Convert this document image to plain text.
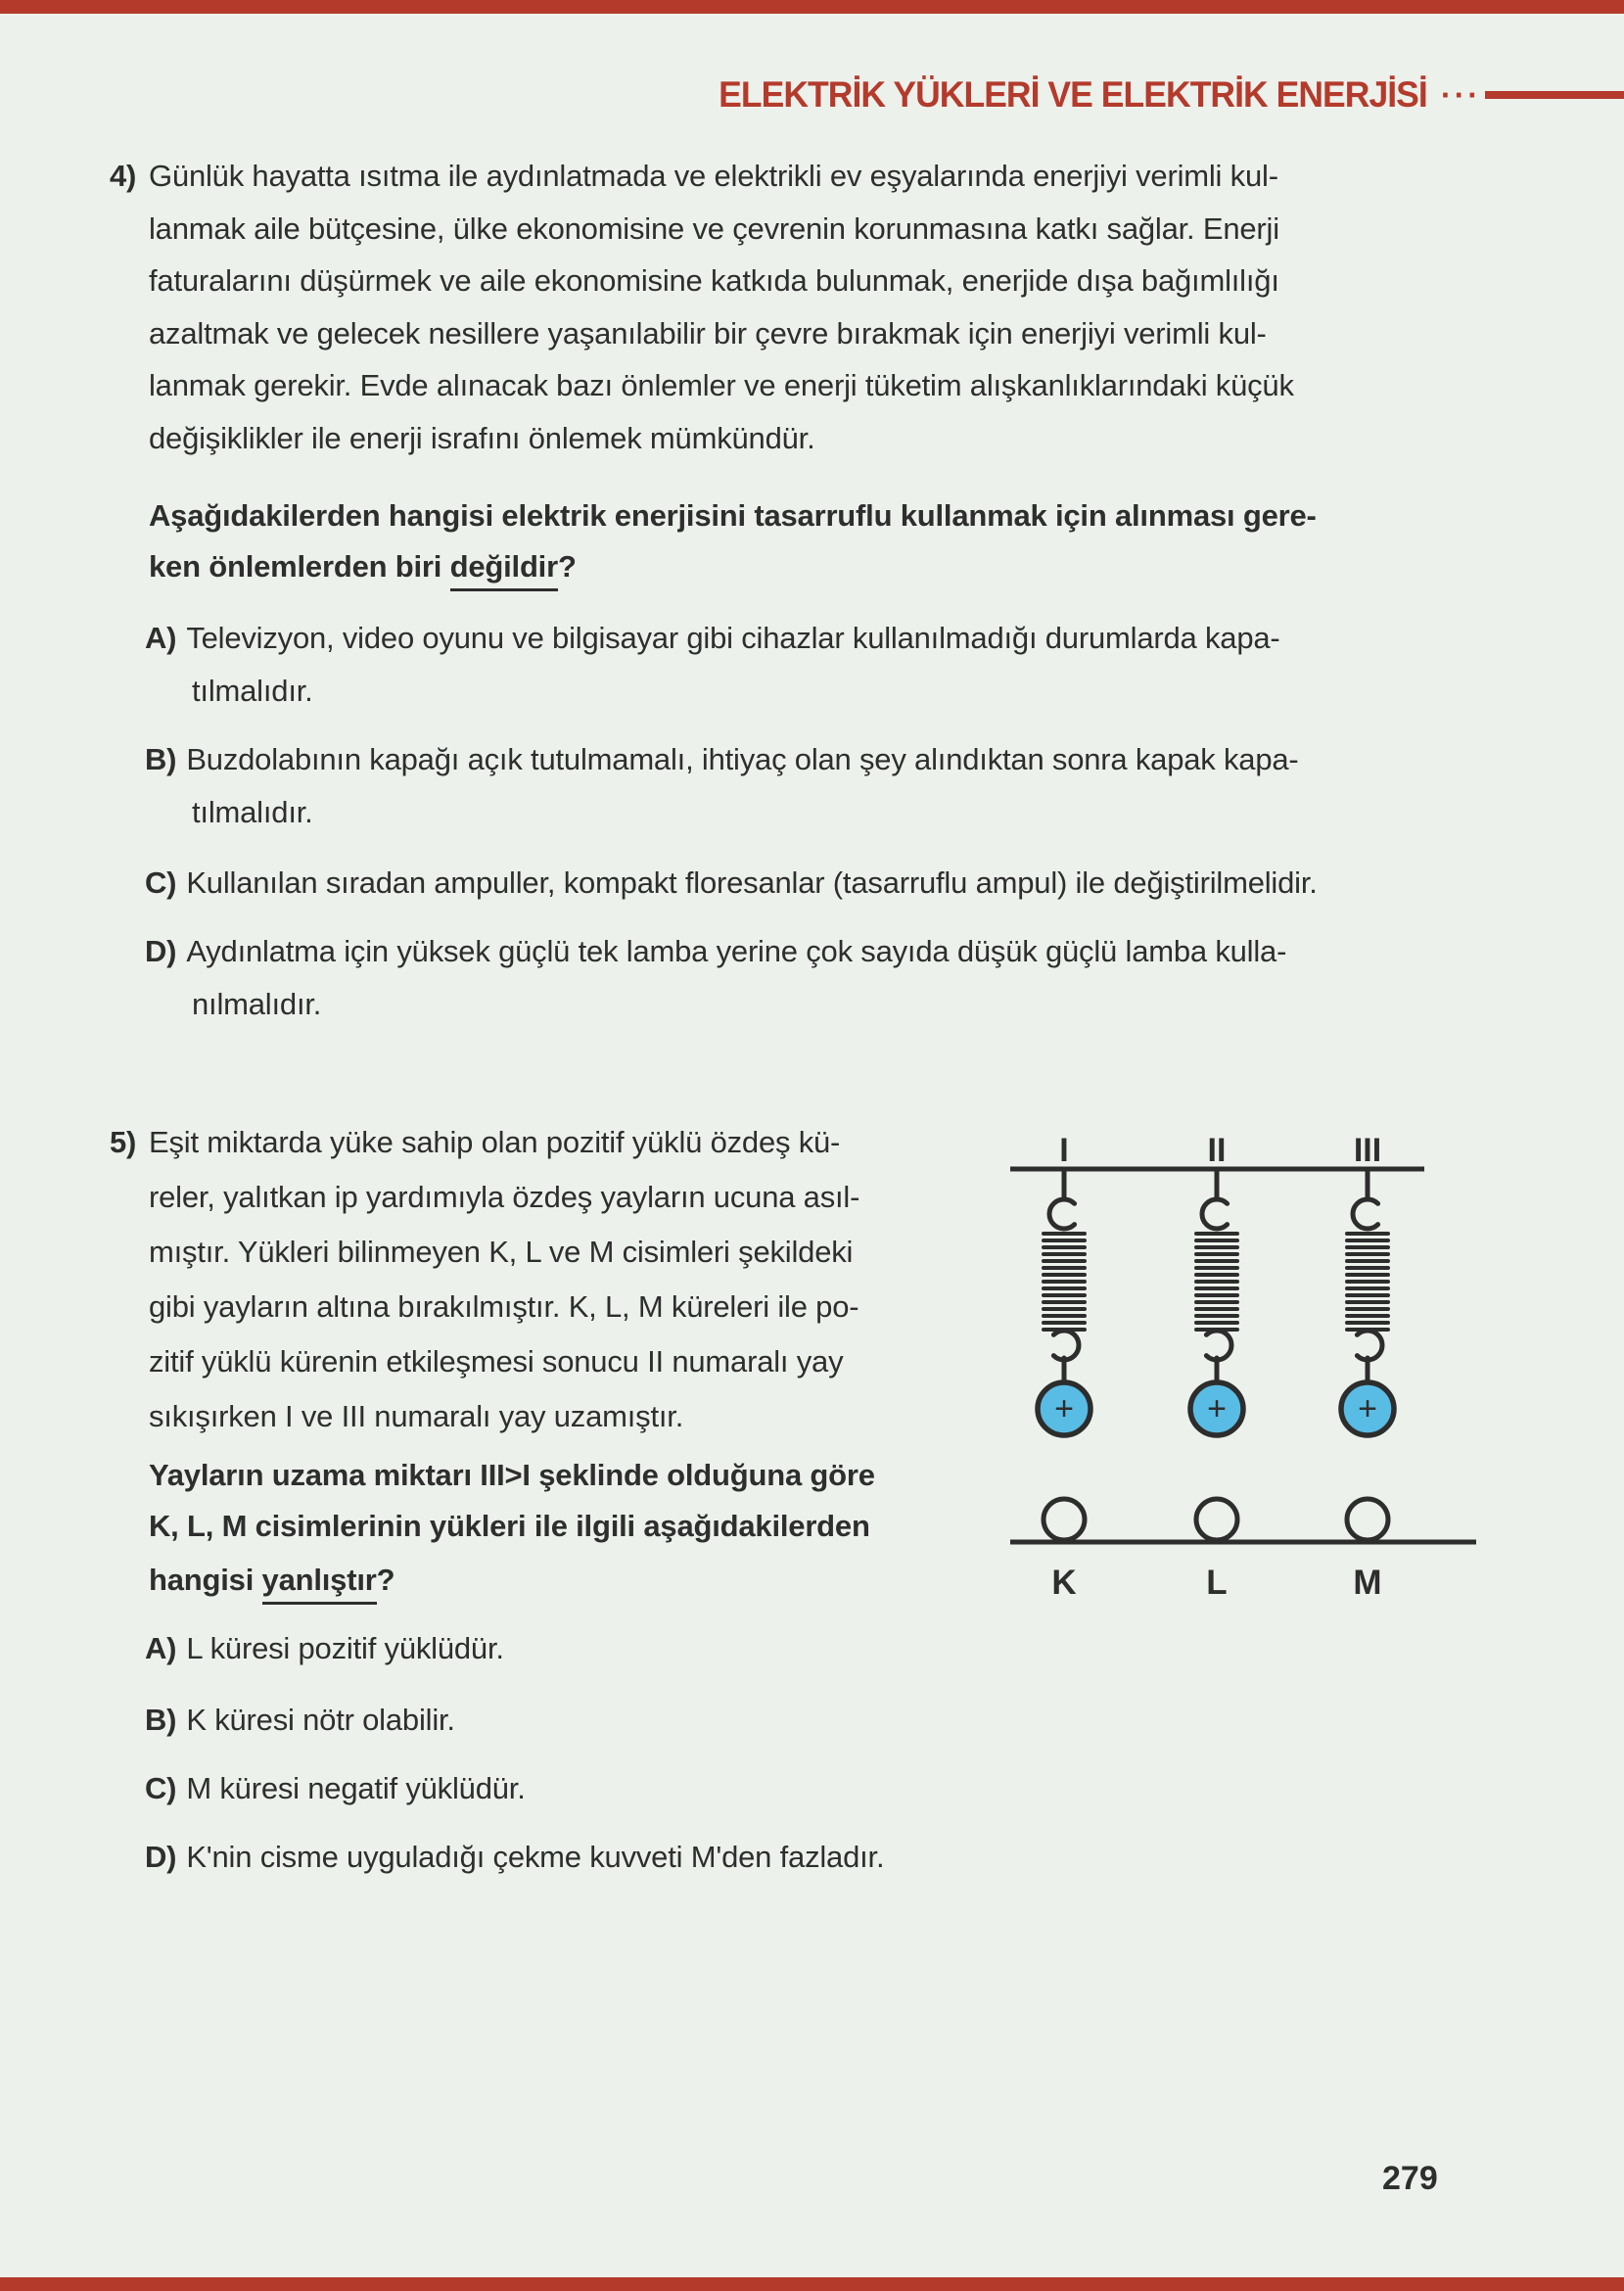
ELEKTRİK YÜKLERİ VE ELEKTRİK ENERJİSİ ···
4) Günlük hayatta ısıtma ile aydınlatmada ve elektrikli ev eşyalarında enerjiyi verimli kul-
lanmak aile bütçesine, ülke ekonomisine ve çevrenin korunmasına katkı sağlar. Enerji
faturalarını düşürmek ve aile ekonomisine katkıda bulunmak, enerjide dışa bağımlılığı
azaltmak ve gelecek nesillere yaşanılabilir bir çevre bırakmak için enerjiyi verimli kul-
lanmak gerekir. Evde alınacak bazı önlemler ve enerji tüketim alışkanlıklarındaki küçük
değişiklikler ile enerji israfını önlemek mümkündür.
Aşağıdakilerden hangisi elektrik enerjisini tasarruflu kullanmak için alınması gere-
ken önlemlerden biri değildir?
A) Televizyon, video oyunu ve bilgisayar gibi cihazlar kullanılmadığı durumlarda kapa-
tılmalıdır.
B) Buzdolabının kapağı açık tutulmamalı, ihtiyaç olan şey alındıktan sonra kapak kapa-
tılmalıdır.
C) Kullanılan sıradan ampuller, kompakt floresanlar (tasarruflu ampul) ile değiştirilmelidir.
D) Aydınlatma için yüksek güçlü tek lamba yerine çok sayıda düşük güçlü lamba kulla-
nılmalıdır.
5) Eşit miktarda yüke sahip olan pozitif yüklü özdeş kü-
reler, yalıtkan ip yardımıyla özdeş yayların ucuna asıl-
mıştır. Yükleri bilinmeyen K, L ve M cisimleri şekildeki
gibi yayların altına bırakılmıştır. K, L, M küreleri ile po-
zitif yüklü kürenin etkileşmesi sonucu II numaralı yay
sıkışırken I ve III numaralı yay uzamıştır.
Yayların uzama miktarı III>I şeklinde olduğuna göre
K, L, M cisimlerinin yükleri ile ilgili aşağıdakilerden
hangisi yanlıştır?
A) L küresi pozitif yüklüdür.
B) K küresi nötr olabilir.
C) M küresi negatif yüklüdür.
D) K'nin cisme uyguladığı çekme kuvveti M'den fazladır.
I	II	III
+	+	+
K	L	M
279
